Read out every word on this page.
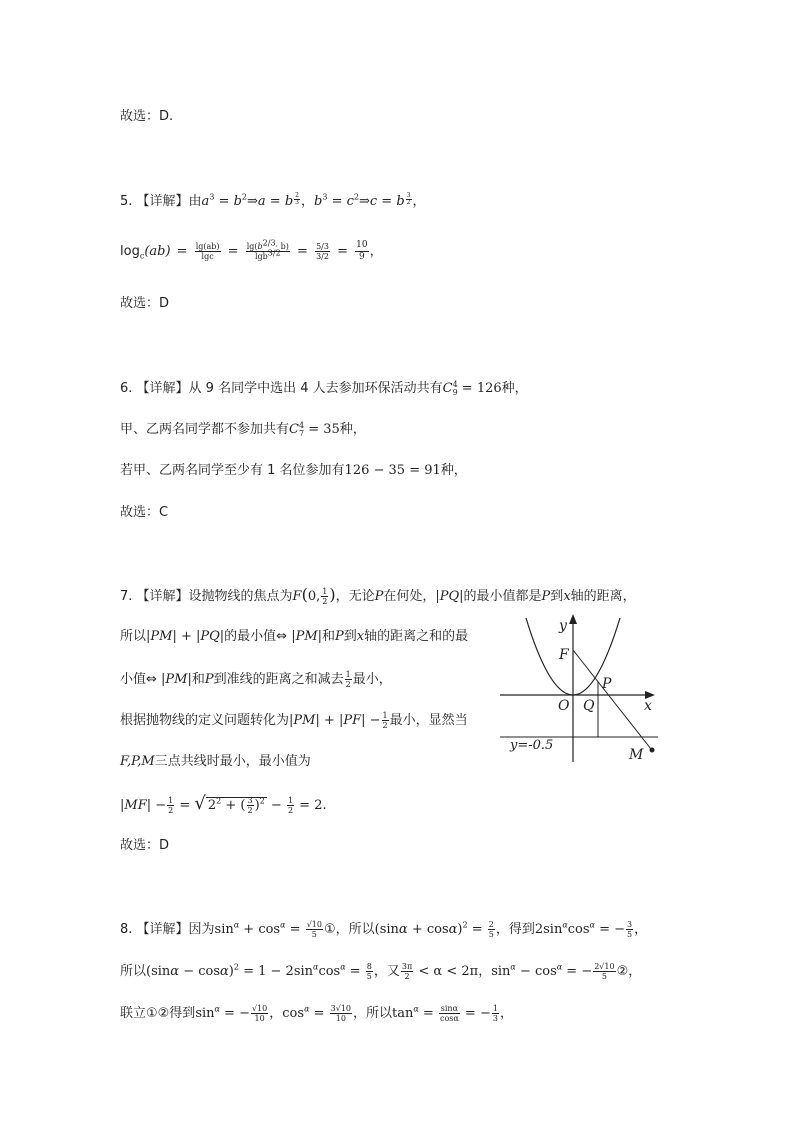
故选：D.
5. 【详解】由$a^3$ = $b^2\Rightarrow a = b$ $^{\frac{2}{3}}$ ，$b^3$ = $c^2\Rightarrow c = b$ $^{\frac{3}{2}}$ ，
$\log_c(ab) = \frac{\lg(ab)}{\lg c} = \frac{\lg(b^{2/3}\cdot b)}{\lg b^{3/2}} = \frac{5/3}{3/2} = \frac{10}{9}$ ，
故选：D
6. 【详解】从 9 名同学中选出 4 人去参加环保活动共有C 4
9 = 126种，
甲、乙两名同学都不参加共有C 4
7 = 35种，
若甲、乙两名同学至少有 1 名位参加有126 − 35 = 91种，
故选：C
7. 【详解】设抛物线的焦点为F(0, $\frac{1}{2}$ )，无论P在何处，|PQ|的最小值都是P到x轴的距离，
所以|PM| + |PQ|的最小值⇔ |PM|和P到x轴的距离之和的最
小值⇔ |PM|和P到准线的距离之和减去 $\frac{1}{2}$ 最小，
根据抛物线的定义问题转化为$|PM| + |PF| - \frac{1}{2}$ 最小，显然当
F,P,M三点共线时最小，最小值为
$|MF| - \frac{1}{2}$ = √ $2^2$ + ( $\frac{3}{2} )^2 - \frac{1}{2} = 2$.
故选：D
y
F
P
O Q	x
y=-0.5
M
8. 【详解】因为$\sin^\alpha + \cos^\alpha = \frac{√10}{5}$ ①，所以$(\sin\alpha + \cos\alpha)^2 = \frac{2}{5}$ ，得到$2\sin^\alpha\cos^\alpha$ = − $\frac{3}{5}$ ，
所以$(\sin\alpha - \cos\alpha)^2 = 1 - 2\sin^\alpha\cos^\alpha = \frac{8}{5}$ ，又 $\frac{3\pi}{2} < \alpha < 2\pi$，$\sin^\alpha - \cos^\alpha$ = − $\frac{2√10}{5}$ ②，
联立①②得到$\sin^\alpha$ = − $\frac{√10}{10}$ ，$\cos^\alpha = \frac{3√10}{10}$ ，所以$\tan^\alpha = \frac{\sin\alpha}{\cos\alpha}$ = − $\frac{1}{3}$ ，
